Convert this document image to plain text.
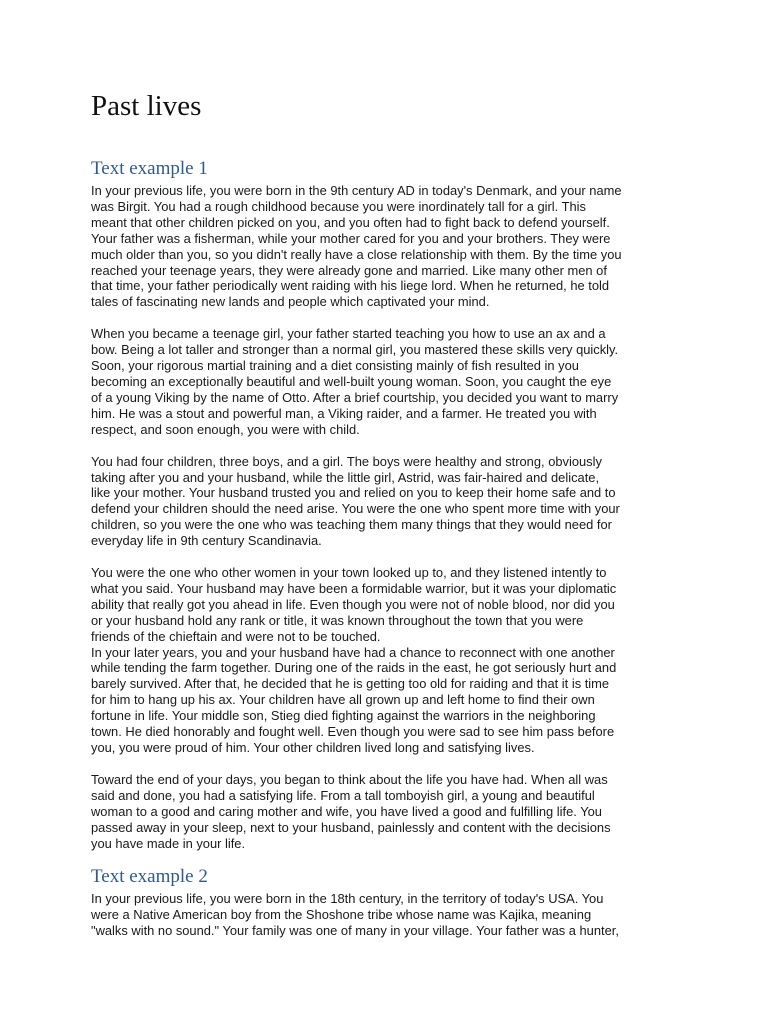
Past lives
Text example 1

In your previous life, you were born in the 9th century AD in today's Denmark, and your name
was Birgit. You had a rough childhood because you were inordinately tall for a girl. This
meant that other children picked on you, and you often had to fight back to defend yourself.
Your father was a fisherman, while your mother cared for you and your brothers. They were
much older than you, so you didn't really have a close relationship with them. By the time you
reached your teenage years, they were already gone and married. Like many other men of
that time, your father periodically went raiding with his liege lord. When he returned, he told
tales of fascinating new lands and people which captivated your mind.

When you became a teenage girl, your father started teaching you how to use an ax and a
bow. Being a lot taller and stronger than a normal girl, you mastered these skills very quickly.
Soon, your rigorous martial training and a diet consisting mainly of fish resulted in you
becoming an exceptionally beautiful and well-built young woman. Soon, you caught the eye
of a young Viking by the name of Otto. After a brief courtship, you decided you want to marry
him. He was a stout and powerful man, a Viking raider, and a farmer. He treated you with
respect, and soon enough, you were with child.

You had four children, three boys, and a girl. The boys were healthy and strong, obviously
taking after you and your husband, while the little girl, Astrid, was fair-haired and delicate,
like your mother. Your husband trusted you and relied on you to keep their home safe and to
defend your children should the need arise. You were the one who spent more time with your
children, so you were the one who was teaching them many things that they would need for
everyday life in 9th century Scandinavia.

You were the one who other women in your town looked up to, and they listened intently to
what you said. Your husband may have been a formidable warrior, but it was your diplomatic
ability that really got you ahead in life. Even though you were not of noble blood, nor did you
or your husband hold any rank or title, it was known throughout the town that you were
friends of the chieftain and were not to be touched.

In your later years, you and your husband have had a chance to reconnect with one another
while tending the farm together. During one of the raids in the east, he got seriously hurt and
barely survived. After that, he decided that he is getting too old for raiding and that it is time
for him to hang up his ax. Your children have all grown up and left home to find their own
fortune in life. Your middle son, Stieg died fighting against the warriors in the neighboring
town. He died honorably and fought well. Even though you were sad to see him pass before
you, you were proud of him. Your other children lived long and satisfying lives.

Toward the end of your days, you began to think about the life you have had. When all was
said and done, you had a satisfying life. From a tall tomboyish girl, a young and beautiful
woman to a good and caring mother and wife, you have lived a good and fulfilling life. You
passed away in your sleep, next to your husband, painlessly and content with the decisions
you have made in your life.

Text example 2

In your previous life, you were born in the 18th century, in the territory of today's USA. You
were a Native American boy from the Shoshone tribe whose name was Kajika, meaning
"walks with no sound." Your family was one of many in your village. Your father was a hunter,
